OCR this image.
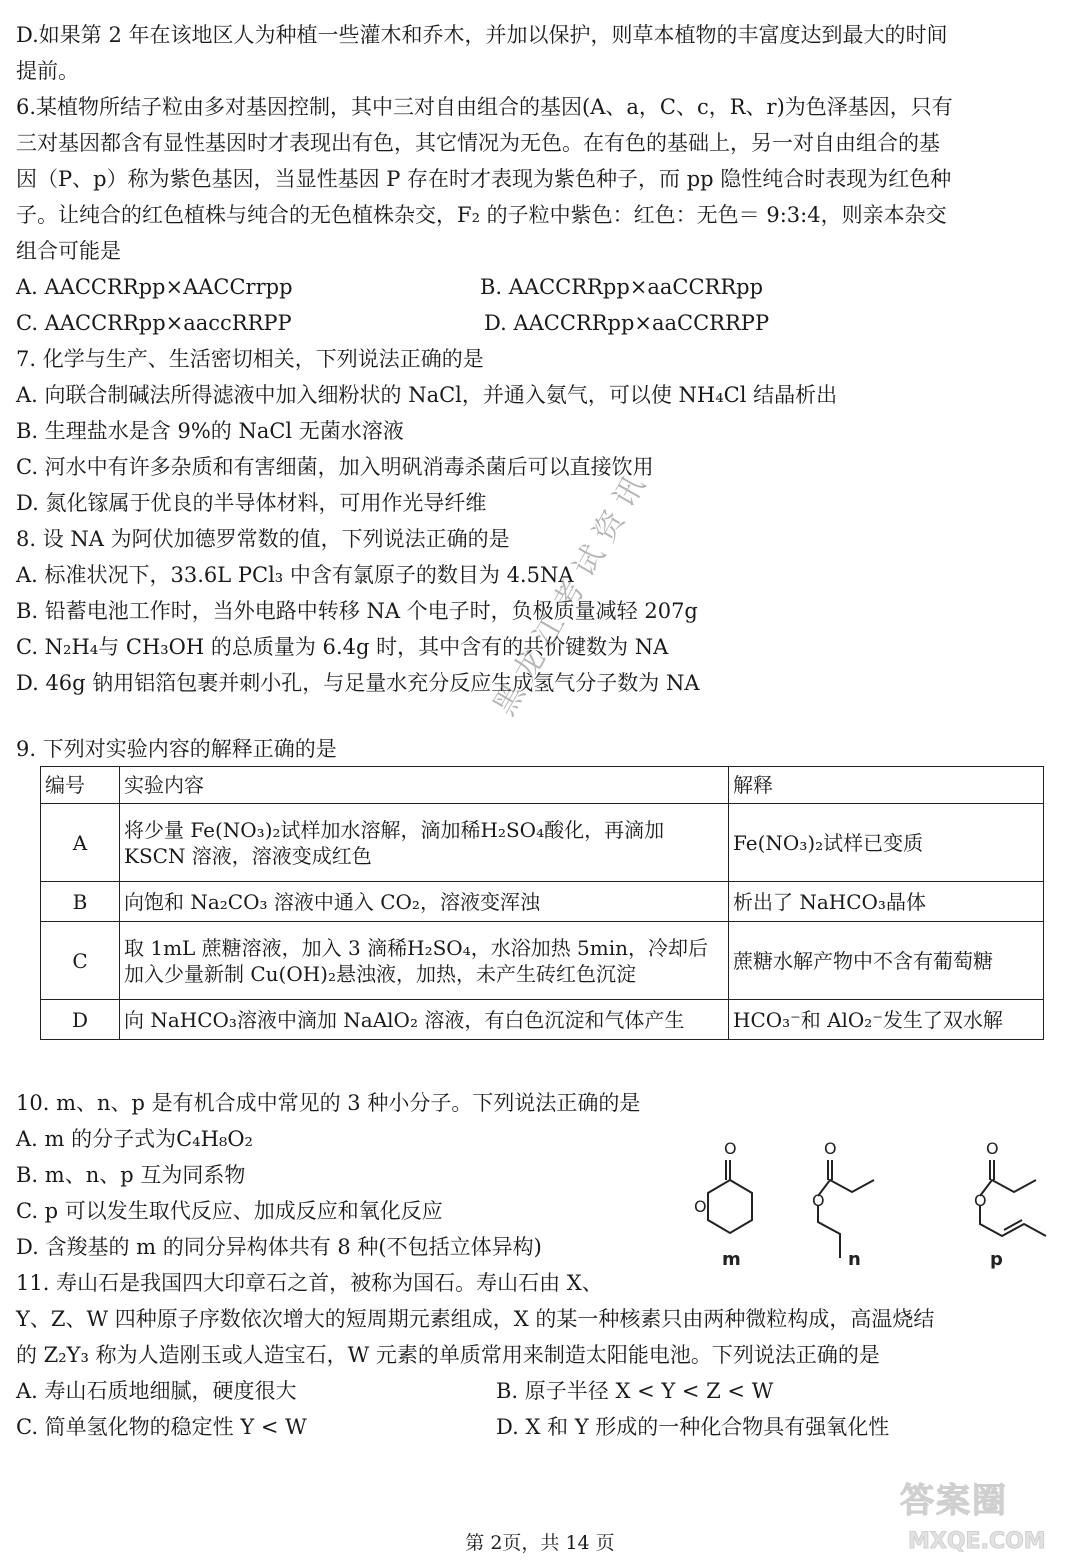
D.如果第 2 年在该地区人为种植一些灌木和乔木，并加以保护，则草本植物的丰富度达到最大的时间
提前。
6.某植物所结子粒由多对基因控制，其中三对自由组合的基因(A、a，C、c，R、r)为色泽基因，只有
三对基因都含有显性基因时才表现出有色，其它情况为无色。在有色的基础上，另一对自由组合的基
因（P、p）称为紫色基因，当显性基因 P 存在时才表现为紫色种子，而 pp 隐性纯合时表现为红色种
子。让纯合的红色植株与纯合的无色植株杂交，F₂ 的子粒中紫色：红色：无色＝ 9:3:4，则亲本杂交
组合可能是
A. AACCRRpp×AACCrrpp	B. AACCRRpp×aaCCRRpp
C. AACCRRpp×aaccRRPP	D. AACCRRpp×aaCCRRPP
7. 化学与生产、生活密切相关，下列说法正确的是
A. 向联合制碱法所得滤液中加入细粉状的 NaCl，并通入氨气，可以使 NH₄Cl 结晶析出
B. 生理盐水是含 9%的 NaCl 无菌水溶液
C. 河水中有许多杂质和有害细菌，加入明矾消毒杀菌后可以直接饮用
D. 氮化镓属于优良的半导体材料，可用作光导纤维
8. 设 NA 为阿伏加德罗常数的值，下列说法正确的是
A. 标准状况下，33.6L PCl₃ 中含有氯原子的数目为 4.5NA
B. 铅蓄电池工作时，当外电路中转移 NA 个电子时，负极质量减轻 207g
C. N₂H₄与 CH₃OH 的总质量为 6.4g 时，其中含有的共价键数为 NA
D. 46g 钠用铝箔包裹并刺小孔，与足量水充分反应生成氢气分子数为 NA
黑龙江考试资讯
9. 下列对实验内容的解释正确的是
编号	实验内容	解释
A	将少量 Fe(NO₃)₂试样加水溶解，滴加稀H₂SO₄酸化，再滴加KSCN 溶液，溶液变成红色	Fe(NO₃)₂试样已变质
B	向饱和 Na₂CO₃ 溶液中通入 CO₂，溶液变浑浊	析出了 NaHCO₃晶体
C	取 1mL 蔗糖溶液，加入 3 滴稀H₂SO₄，水浴加热 5min，冷却后加入少量新制 Cu(OH)₂悬浊液，加热，未产生砖红色沉淀	蔗糖水解产物中不含有葡萄糖
D	向 NaHCO₃溶液中滴加 NaAlO₂ 溶液，有白色沉淀和气体产生	HCO₃⁻和 AlO₂⁻发生了双水解
10. m、n、p 是有机合成中常见的 3 种小分子。下列说法正确的是
A. m 的分子式为C₄H₈O₂
B. m、n、p 互为同系物
C. p 可以发生取代反应、加成反应和氧化反应
D. 含羧基的 m 的同分异构体共有 8 种(不包括立体异构)
O
O
O
O
O
O
m	n	p
11. 寿山石是我国四大印章石之首，被称为国石。寿山石由 X、
Y、Z、W 四种原子序数依次增大的短周期元素组成，X 的某一种核素只由两种微粒构成，高温烧结
的 Z₂Y₃ 称为人造刚玉或人造宝石，W 元素的单质常用来制造太阳能电池。下列说法正确的是
A. 寿山石质地细腻，硬度很大	B. 原子半径 X < Y < Z < W
C. 简单氢化物的稳定性 Y < W	D. X 和 Y 形成的一种化合物具有强氧化性
第 2页，共 14 页
答案圈
MXQE.COM
